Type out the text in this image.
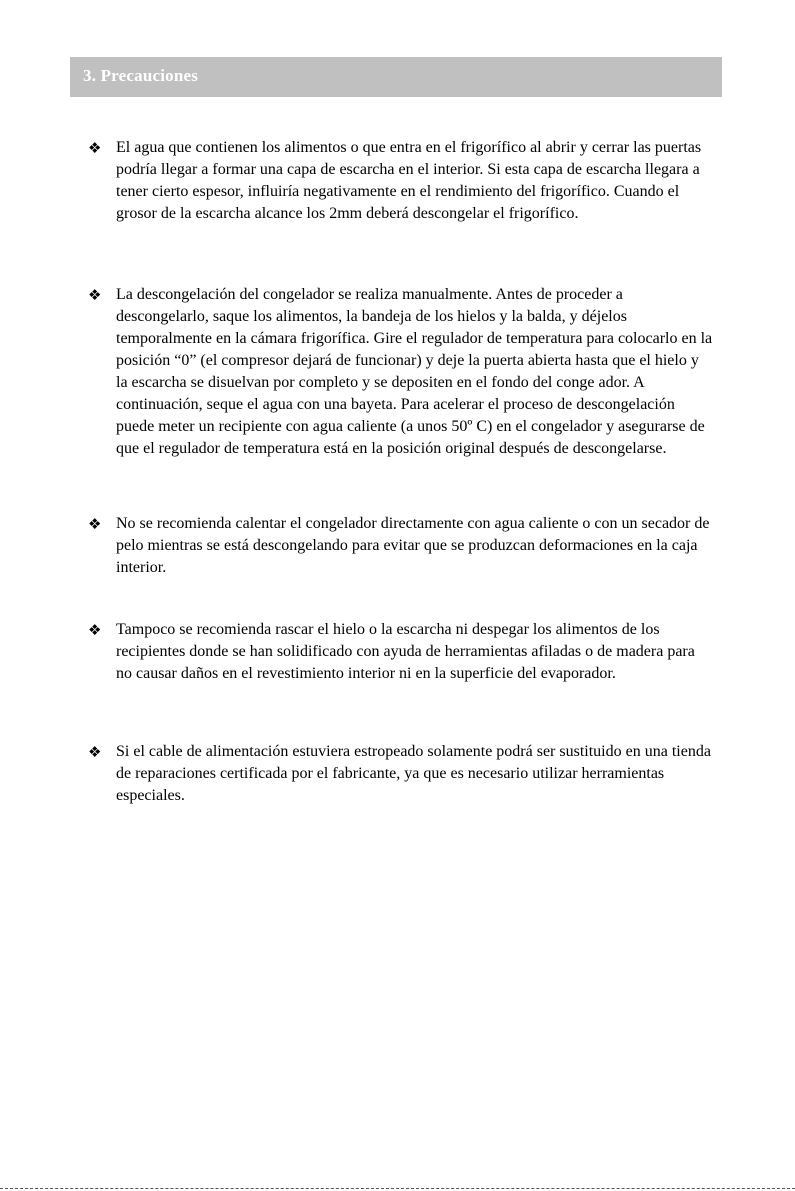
3. Precauciones
❖ El agua que contienen los alimentos o que entra en el frigorífico al abrir y cerrar las puertas podría llegar a formar una capa de escarcha en el interior. Si esta capa de escarcha llegara a tener cierto espesor, influiría negativamente en el rendimiento del frigorífico. Cuando el grosor de la escarcha alcance los 2mm deberá descongelar el frigorífico.
❖ La descongelación del congelador se realiza manualmente. Antes de proceder a descongelarlo, saque los alimentos, la bandeja de los hielos y la balda, y déjelos temporalmente en la cámara frigorífica. Gire el regulador de temperatura para colocarlo en la posición “0” (el compresor dejará de funcionar) y deje la puerta abierta hasta que el hielo y la escarcha se disuelvan por completo y se depositen en el fondo del conge ador. A continuación, seque el agua con una bayeta. Para acelerar el proceso de descongelación puede meter un recipiente con agua caliente (a unos 50º C) en el congelador y asegurarse de que el regulador de temperatura está en la posición original después de descongelarse.
❖ No se recomienda calentar el congelador directamente con agua caliente o con un secador de pelo mientras se está descongelando para evitar que se produzcan deformaciones en la caja interior.
❖ Tampoco se recomienda rascar el hielo o la escarcha ni despegar los alimentos de los recipientes donde se han solidificado con ayuda de herramientas afiladas o de madera para no causar daños en el revestimiento interior ni en la superficie del evaporador.
❖ Si el cable de alimentación estuviera estropeado solamente podrá ser sustituido en una tienda de reparaciones certificada por el fabricante, ya que es necesario utilizar herramientas especiales.
